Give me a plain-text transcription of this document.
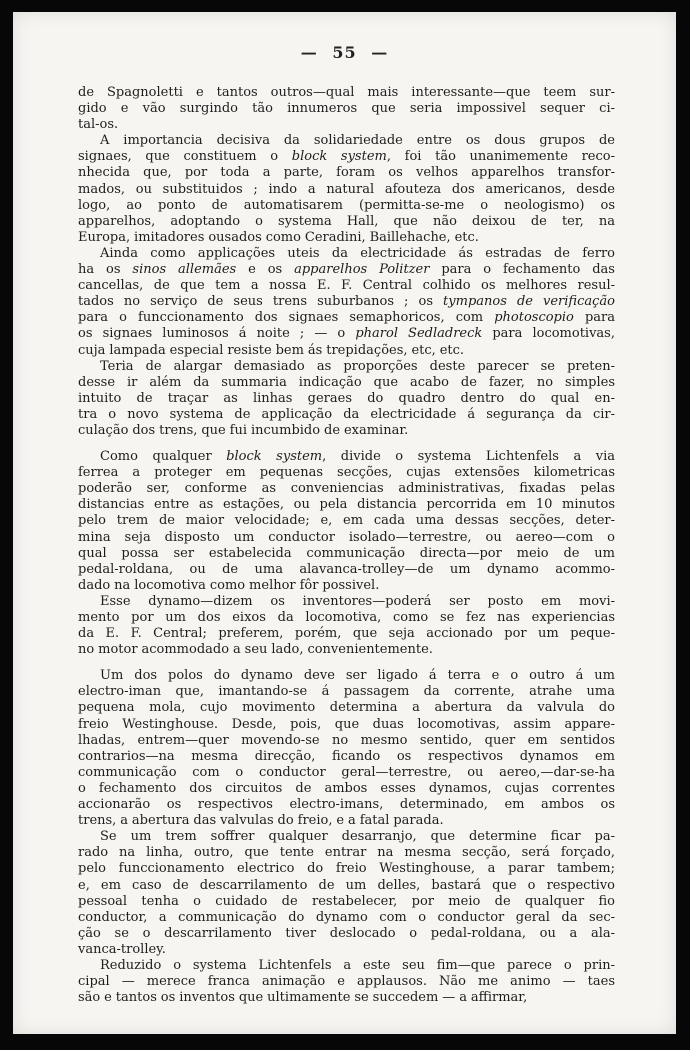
— 55 —
de Spagnoletti e tantos outros—qual mais interessante—que teem sur-
gido e vão surgindo tão innumeros que seria impossivel sequer ci-
tal-os.
A importancia decisiva da solidariedade entre os dous grupos de
signaes, que constituem o block system, foi tão unanimemente reco-
nhecida que, por toda a parte, foram os velhos apparelhos transfor-
mados, ou substituidos ; indo a natural afouteza dos americanos, desde
logo, ao ponto de automatisarem (permitta-se-me o neologismo) os
apparelhos, adoptando o systema Hall, que não deixou de ter, na
Europa, imitadores ousados como Ceradini, Baillehache, etc.
Ainda como applicações uteis da electricidade ás estradas de ferro
ha os sinos allemães e os apparelhos Politzer para o fechamento das
cancellas, de que tem a nossa E. F. Central colhido os melhores resul-
tados no serviço de seus trens suburbanos ; os tympanos de verificação
para o funccionamento dos signaes semaphoricos, com photoscopio para
os signaes luminosos á noite ; — o pharol Sedladreck para locomotivas,
cuja lampada especial resiste bem ás trepidações, etc, etc.
Teria de alargar demasiado as proporções deste parecer se preten-
desse ir além da summaria indicação que acabo de fazer, no simples
intuito de traçar as linhas geraes do quadro dentro do qual en-
tra o novo systema de applicação da electricidade á segurança da cir-
culação dos trens, que fui incumbido de examinar.
Como qualquer block system, divide o systema Lichtenfels a via
ferrea a proteger em pequenas secções, cujas extensões kilometricas
poderão ser, conforme as conveniencias administrativas, fixadas pelas
distancias entre as estações, ou pela distancia percorrida em 10 minutos
pelo trem de maior velocidade; e, em cada uma dessas secções, deter-
mina seja disposto um conductor isolado—terrestre, ou aereo—com o
qual possa ser estabelecida communicação directa—por meio de um
pedal-roldana, ou de uma alavanca-trolley—de um dynamo acommo-
dado na locomotiva como melhor fôr possivel.
Esse dynamo—dizem os inventores—poderá ser posto em movi-
mento por um dos eixos da locomotiva, como se fez nas experiencias
da E. F. Central; preferem, porém, que seja accionado por um peque-
no motor acommodado a seu lado, convenientemente.
Um dos polos do dynamo deve ser ligado á terra e o outro á um
electro-iman que, imantando-se á passagem da corrente, atrahe uma
pequena mola, cujo movimento determina a abertura da valvula do
freio Westinghouse. Desde, pois, que duas locomotivas, assim appare-
lhadas, entrem—quer movendo-se no mesmo sentido, quer em sentidos
contrarios—na mesma direcção, ficando os respectivos dynamos em
communicação com o conductor geral—terrestre, ou aereo,—dar-se-ha
o fechamento dos circuitos de ambos esses dynamos, cujas correntes
accionarão os respectivos electro-imans, determinado, em ambos os
trens, a abertura das valvulas do freio, e a fatal parada.
Se um trem soffrer qualquer desarranjo, que determine ficar pa-
rado na linha, outro, que tente entrar na mesma secção, será forçado,
pelo funccionamento electrico do freio Westinghouse, a parar tambem;
e, em caso de descarrilamento de um delles, bastará que o respectivo
pessoal tenha o cuidado de restabelecer, por meio de qualquer fio
conductor, a communicação do dynamo com o conductor geral da sec-
ção se o descarrilamento tiver deslocado o pedal-roldana, ou a ala-
vanca-trolley.
Reduzido o systema Lichtenfels a este seu fim—que parece o prin-
cipal — merece franca animação e applausos. Não me animo — taes
são e tantos os inventos que ultimamente se succedem — a affirmar,
